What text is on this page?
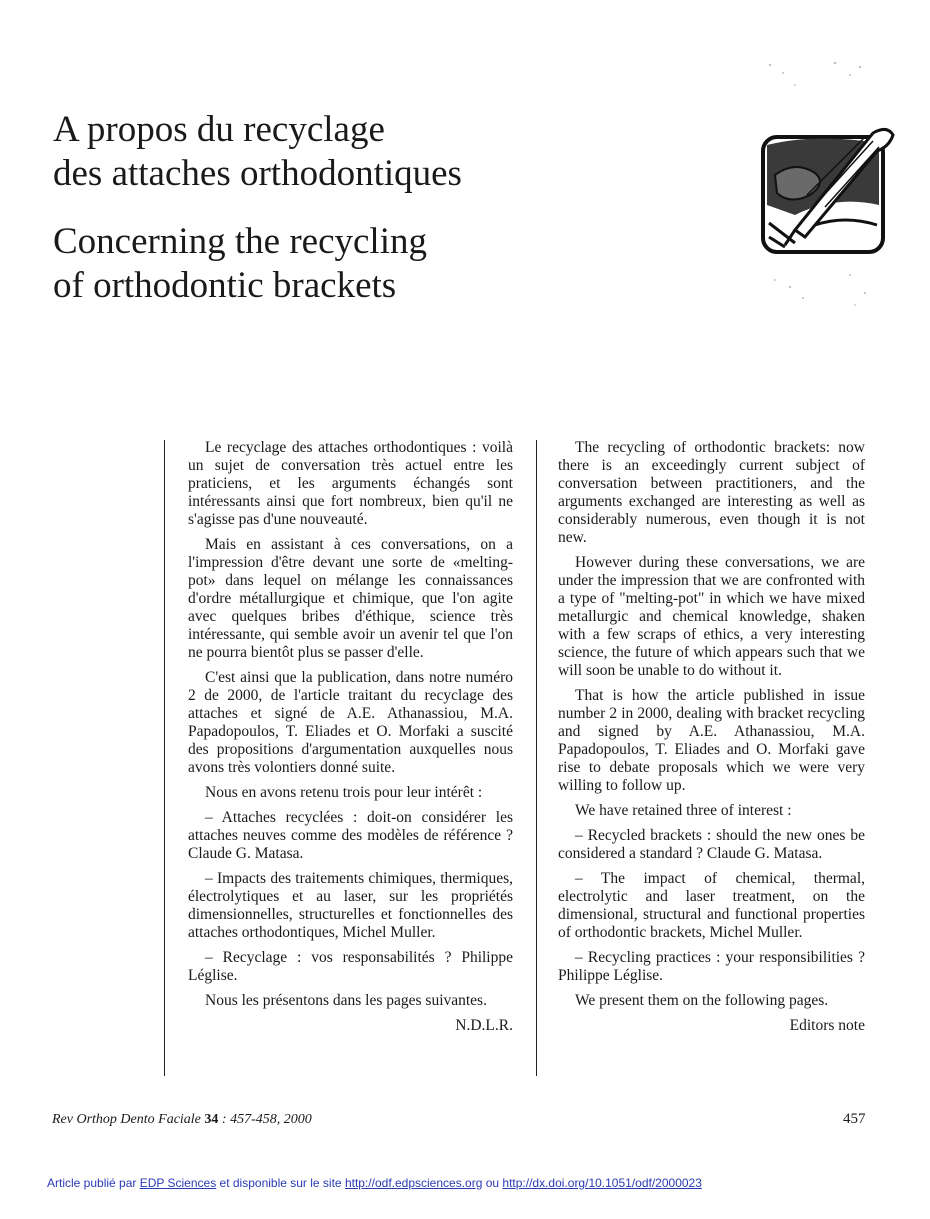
A propos du recyclage
des attaches orthodontiques
Concerning the recycling
of orthodontic brackets

Le recyclage des attaches orthodontiques : voilà un sujet de conversation très actuel entre les praticiens, et les arguments échangés sont intéressants ainsi que fort nombreux, bien qu'il ne s'agisse pas d'une nouveauté.

Mais en assistant à ces conversations, on a l'impression d'être devant une sorte de «melting-pot» dans lequel on mélange les connaissances d'ordre métallurgique et chimique, que l'on agite avec quelques bribes d'éthique, science très intéressante, qui semble avoir un avenir tel que l'on ne pourra bientôt plus se passer d'elle.

C'est ainsi que la publication, dans notre numéro 2 de 2000, de l'article traitant du recyclage des attaches et signé de A.E. Athanassiou, M.A. Papadopoulos, T. Eliades et O. Morfaki a suscité des propositions d'argumentation auxquelles nous avons très volontiers donné suite.

Nous en avons retenu trois pour leur intérêt :

– Attaches recyclées : doit-on considérer les attaches neuves comme des modèles de référence ? Claude G. Matasa.

– Impacts des traitements chimiques, thermiques, électrolytiques et au laser, sur les propriétés dimensionnelles, structurelles et fonctionnelles des attaches orthodontiques, Michel Muller.

– Recyclage : vos responsabilités ? Philippe Léglise.

Nous les présentons dans les pages suivantes.

N.D.L.R.

The recycling of orthodontic brackets: now there is an exceedingly current subject of conversation between practitioners, and the arguments exchanged are interesting as well as considerably numerous, even though it is not new.

However during these conversations, we are under the impression that we are confronted with a type of "melting-pot" in which we have mixed metallurgic and chemical knowledge, shaken with a few scraps of ethics, a very interesting science, the future of which appears such that we will soon be unable to do without it.

That is how the article published in issue number 2 in 2000, dealing with bracket recycling and signed by A.E. Athanassiou, M.A. Papadopoulos, T. Eliades and O. Morfaki gave rise to debate proposals which we were very willing to follow up.

We have retained three of interest :

– Recycled brackets : should the new ones be considered a standard ? Claude G. Matasa.

– The impact of chemical, thermal, electrolytic and laser treatment, on the dimensional, structural and functional properties of orthodontic brackets, Michel Muller.

– Recycling practices : your responsibilities ? Philippe Léglise.

We present them on the following pages.

Editors note

Rev Orthop Dento Faciale 34 : 457-458, 2000	457
Article publié par EDP Sciences et disponible sur le site http://odf.edpsciences.org ou http://dx.doi.org/10.1051/odf/2000023
